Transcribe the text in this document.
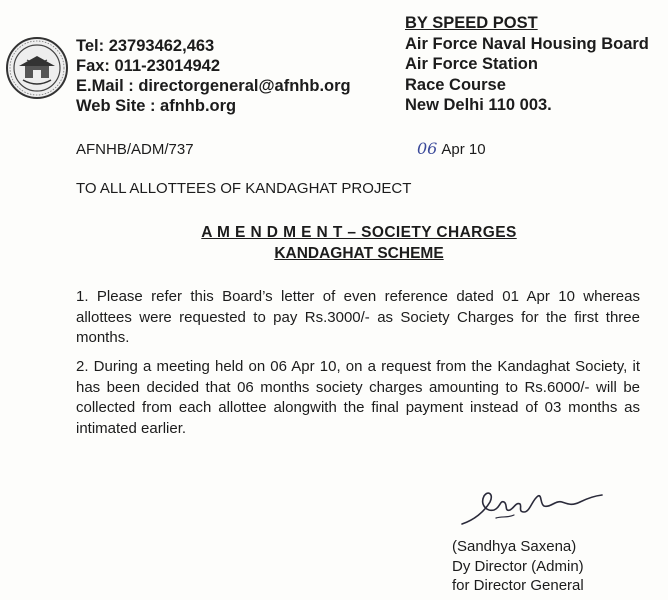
Tel: 23793462,463
Fax: 011-23014942
E.Mail : directorgeneral@afnhb.org
Web Site : afnhb.org
BY SPEED POST
Air Force Naval Housing Board
Air Force Station
Race Course
New Delhi 110 003.
AFNHB/ADM/737	06 Apr 10
TO ALL ALLOTTEES OF KANDAGHAT PROJECT
A M E N D M E N T – SOCIETY CHARGES
KANDAGHAT SCHEME
1. Please refer this Board’s letter of even reference dated 01 Apr 10 whereas allottees were requested to pay Rs.3000/- as Society Charges for the first three months.
2. During a meeting held on 06 Apr 10, on a request from the Kandaghat Society, it has been decided that 06 months society charges amounting to Rs.6000/- will be collected from each allottee alongwith the final payment instead of 03 months as intimated earlier.
(Sandhya Saxena)
Dy Director (Admin)
for Director General
